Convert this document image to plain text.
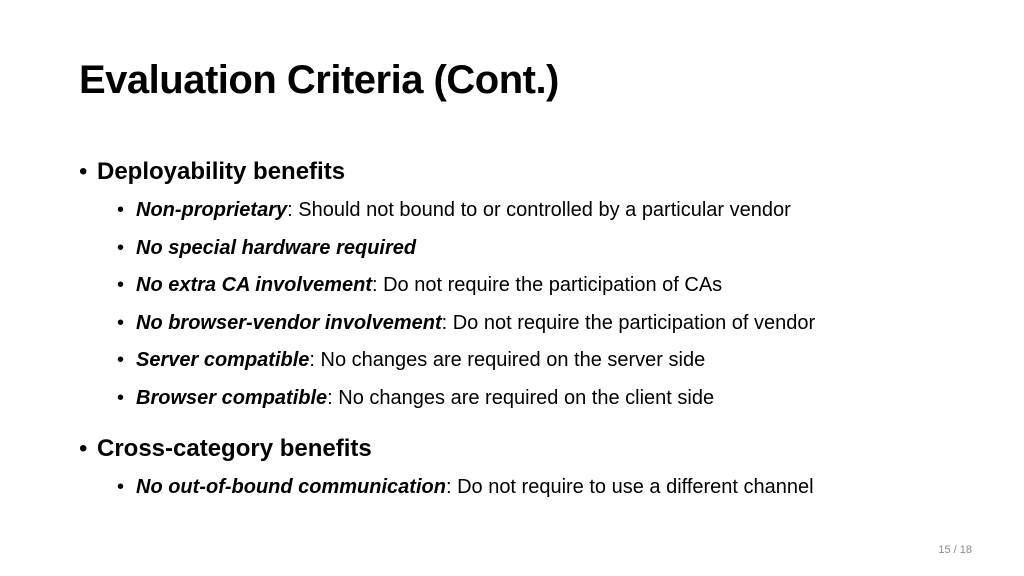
Evaluation Criteria (Cont.)
• Deployability benefits
• Non-proprietary: Should not bound to or controlled by a particular vendor
• No special hardware required
• No extra CA involvement: Do not require the participation of CAs
• No browser-vendor involvement: Do not require the participation of vendor
• Server compatible: No changes are required on the server side
• Browser compatible: No changes are required on the client side
• Cross-category benefits
• No out-of-bound communication: Do not require to use a different channel
15 / 18
